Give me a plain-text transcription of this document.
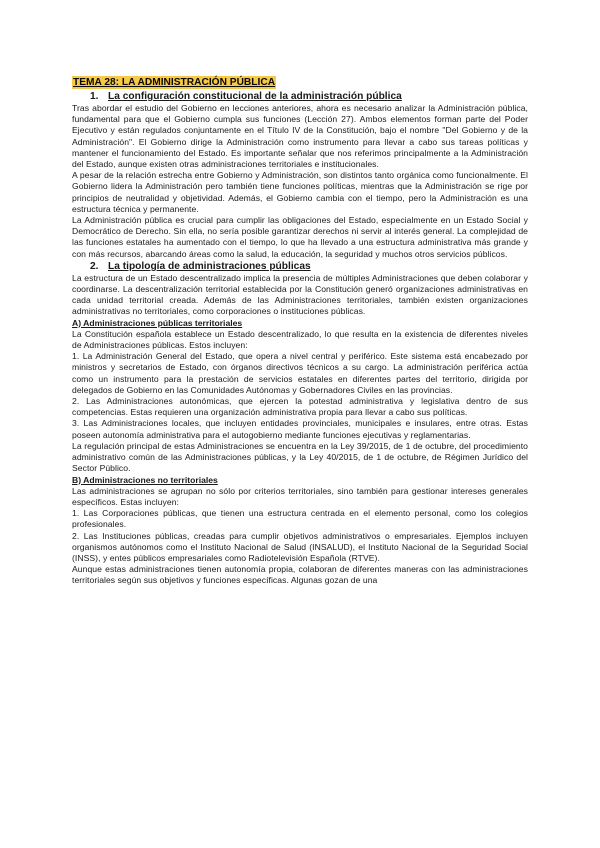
TEMA 28: LA ADMINISTRACIÓN PÚBLICA
1. La configuración constitucional de la administración pública

Tras abordar el estudio del Gobierno en lecciones anteriores, ahora es necesario analizar la Administración pública, fundamental para que el Gobierno cumpla sus funciones (Lección 27). Ambos elementos forman parte del Poder Ejecutivo y están regulados conjuntamente en el Título IV de la Constitución, bajo el nombre "Del Gobierno y de la Administración". El Gobierno dirige la Administración como instrumento para llevar a cabo sus tareas políticas y mantener el funcionamiento del Estado. Es importante señalar que nos referimos principalmente a la Administración del Estado, aunque existen otras administraciones territoriales e institucionales.

A pesar de la relación estrecha entre Gobierno y Administración, son distintos tanto orgánica como funcionalmente. El Gobierno lidera la Administración pero también tiene funciones políticas, mientras que la Administración se rige por principios de neutralidad y objetividad. Además, el Gobierno cambia con el tiempo, pero la Administración es una estructura técnica y permanente.

La Administración pública es crucial para cumplir las obligaciones del Estado, especialmente en un Estado Social y Democrático de Derecho. Sin ella, no sería posible garantizar derechos ni servir al interés general. La complejidad de las funciones estatales ha aumentado con el tiempo, lo que ha llevado a una estructura administrativa más grande y con más recursos, abarcando áreas como la salud, la educación, la seguridad y muchos otros servicios públicos.

2. La tipología de administraciones públicas

La estructura de un Estado descentralizado implica la presencia de múltiples Administraciones que deben colaborar y coordinarse. La descentralización territorial establecida por la Constitución generó organizaciones administrativas en cada unidad territorial creada. Además de las Administraciones territoriales, también existen organizaciones administrativas no territoriales, como corporaciones o instituciones públicas.

A) Administraciones públicas territoriales

La Constitución española establece un Estado descentralizado, lo que resulta en la existencia de diferentes niveles de Administraciones públicas. Estos incluyen:

1. La Administración General del Estado, que opera a nivel central y periférico. Este sistema está encabezado por ministros y secretarios de Estado, con órganos directivos técnicos a su cargo. La administración periférica actúa como un instrumento para la prestación de servicios estatales en diferentes partes del territorio, dirigida por delegados de Gobierno en las Comunidades Autónomas y Gobernadores Civiles en las provincias.

2. Las Administraciones autonómicas, que ejercen la potestad administrativa y legislativa dentro de sus competencias. Estas requieren una organización administrativa propia para llevar a cabo sus políticas.

3. Las Administraciones locales, que incluyen entidades provinciales, municipales e insulares, entre otras. Estas poseen autonomía administrativa para el autogobierno mediante funciones ejecutivas y reglamentarias.

La regulación principal de estas Administraciones se encuentra en la Ley 39/2015, de 1 de octubre, del procedimiento administrativo común de las Administraciones públicas, y la Ley 40/2015, de 1 de octubre, de Régimen Jurídico del Sector Público.

B) Administraciones no territoriales

Las administraciones se agrupan no sólo por criterios territoriales, sino también para gestionar intereses generales específicos. Estas incluyen:

1. Las Corporaciones públicas, que tienen una estructura centrada en el elemento personal, como los colegios profesionales.

2. Las Instituciones públicas, creadas para cumplir objetivos administrativos o empresariales. Ejemplos incluyen organismos autónomos como el Instituto Nacional de Salud (INSALUD), el Instituto Nacional de la Seguridad Social (INSS), y entes públicos empresariales como Radiotelevisión Española (RTVE).

Aunque estas administraciones tienen autonomía propia, colaboran de diferentes maneras con las administraciones territoriales según sus objetivos y funciones específicas. Algunas gozan de una
